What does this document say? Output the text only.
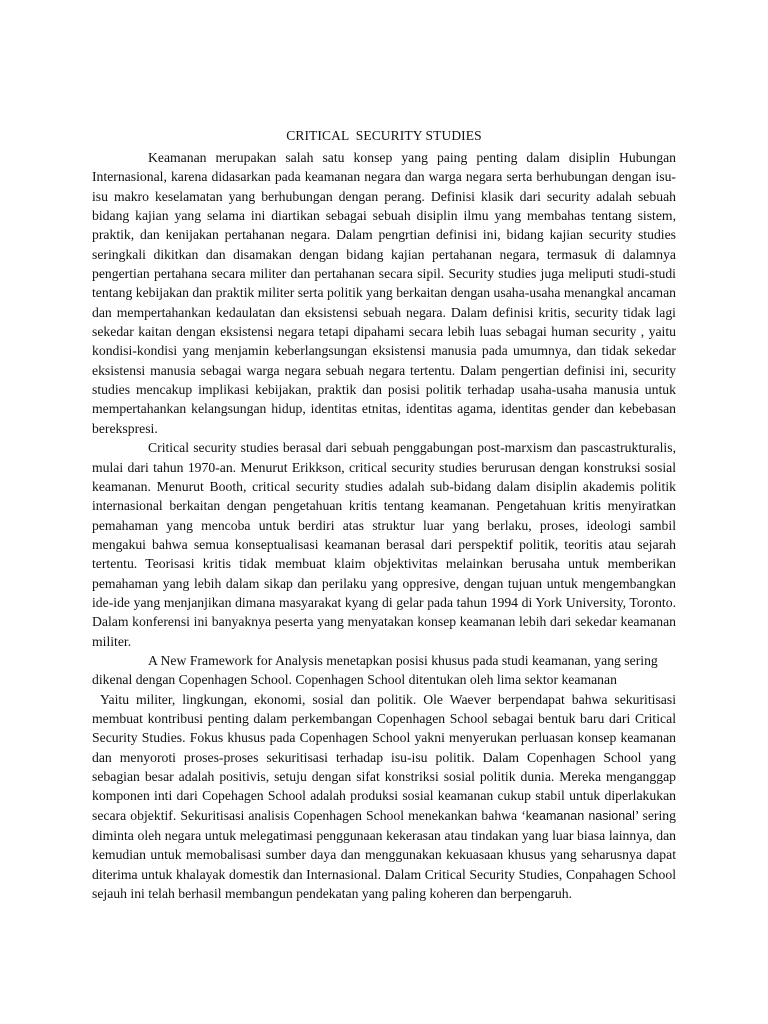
CRITICAL  SECURITY STUDIES

Keamanan merupakan salah satu konsep yang paing penting dalam disiplin Hubungan Internasional, karena didasarkan pada keamanan negara dan warga negara serta berhubungan dengan isu-isu makro keselamatan yang berhubungan dengan perang. Definisi klasik dari security adalah sebuah bidang kajian yang selama ini diartikan sebagai sebuah disiplin ilmu yang membahas tentang sistem, praktik, dan kenijakan pertahanan negara. Dalam pengrtian definisi ini, bidang kajian security studies seringkali dikitkan dan disamakan dengan bidang kajian pertahanan negara, termasuk di dalamnya pengertian pertahana secara militer dan pertahanan secara sipil. Security studies juga meliputi studi-studi tentang kebijakan dan praktik militer serta politik yang berkaitan dengan usaha-usaha menangkal ancaman dan mempertahankan kedaulatan dan eksistensi sebuah negara. Dalam definisi kritis, security tidak lagi sekedar kaitan dengan eksistensi negara tetapi dipahami secara lebih luas sebagai human security , yaitu kondisi-kondisi yang menjamin keberlangsungan eksistensi manusia pada umumnya, dan tidak sekedar eksistensi manusia sebagai warga negara sebuah negara tertentu. Dalam pengertian definisi ini, security studies mencakup implikasi kebijakan, praktik dan posisi politik terhadap usaha-usaha manusia untuk mempertahankan kelangsungan hidup, identitas etnitas, identitas agama, identitas gender dan kebebasan berekspresi.

Critical security studies berasal dari sebuah penggabungan post-marxism dan pascastrukturalis, mulai dari tahun 1970-an. Menurut Erikkson, critical security studies berurusan dengan konstruksi sosial keamanan. Menurut Booth, critical security studies adalah sub-bidang dalam disiplin akademis politik internasional berkaitan dengan pengetahuan kritis tentang keamanan. Pengetahuan kritis menyiratkan pemahaman yang mencoba untuk berdiri atas struktur luar yang berlaku, proses, ideologi sambil mengakui bahwa semua konseptualisasi keamanan berasal dari perspektif politik, teoritis atau sejarah tertentu. Teorisasi kritis tidak membuat klaim objektivitas melainkan berusaha untuk memberikan pemahaman yang lebih dalam sikap dan perilaku yang oppresive, dengan tujuan untuk mengembangkan ide-ide yang menjanjikan dimana masyarakat kyang di gelar pada tahun 1994 di York University, Toronto. Dalam konferensi ini banyaknya peserta yang menyatakan konsep keamanan lebih dari sekedar keamanan militer.

A New Framework for Analysis menetapkan posisi khusus pada studi keamanan, yang sering dikenal dengan Copenhagen School. Copenhagen School ditentukan oleh lima sektor keamanan

Yaitu militer, lingkungan, ekonomi, sosial dan politik. Ole Waever berpendapat bahwa sekuritisasi membuat kontribusi penting dalam perkembangan Copenhagen School sebagai bentuk baru dari Critical Security Studies. Fokus khusus pada Copenhagen School yakni menyerukan perluasan konsep keamanan dan menyoroti proses-proses sekuritisasi terhadap isu-isu politik. Dalam Copenhagen School yang sebagian besar adalah positivis, setuju dengan sifat konstriksi sosial politik dunia. Mereka menganggap komponen inti dari Copehagen School adalah produksi sosial keamanan cukup stabil untuk diperlakukan secara objektif. Sekuritisasi analisis Copenhagen School menekankan bahwa ‘keamanan nasional’ sering diminta oleh negara untuk melegatimasi penggunaan kekerasan atau tindakan yang luar biasa lainnya, dan kemudian untuk memobalisasi sumber daya dan menggunakan kekuasaan khusus yang seharusnya dapat diterima untuk khalayak domestik dan Internasional. Dalam Critical Security Studies, Conpahagen School sejauh ini telah berhasil membangun pendekatan yang paling koheren dan berpengaruh.
